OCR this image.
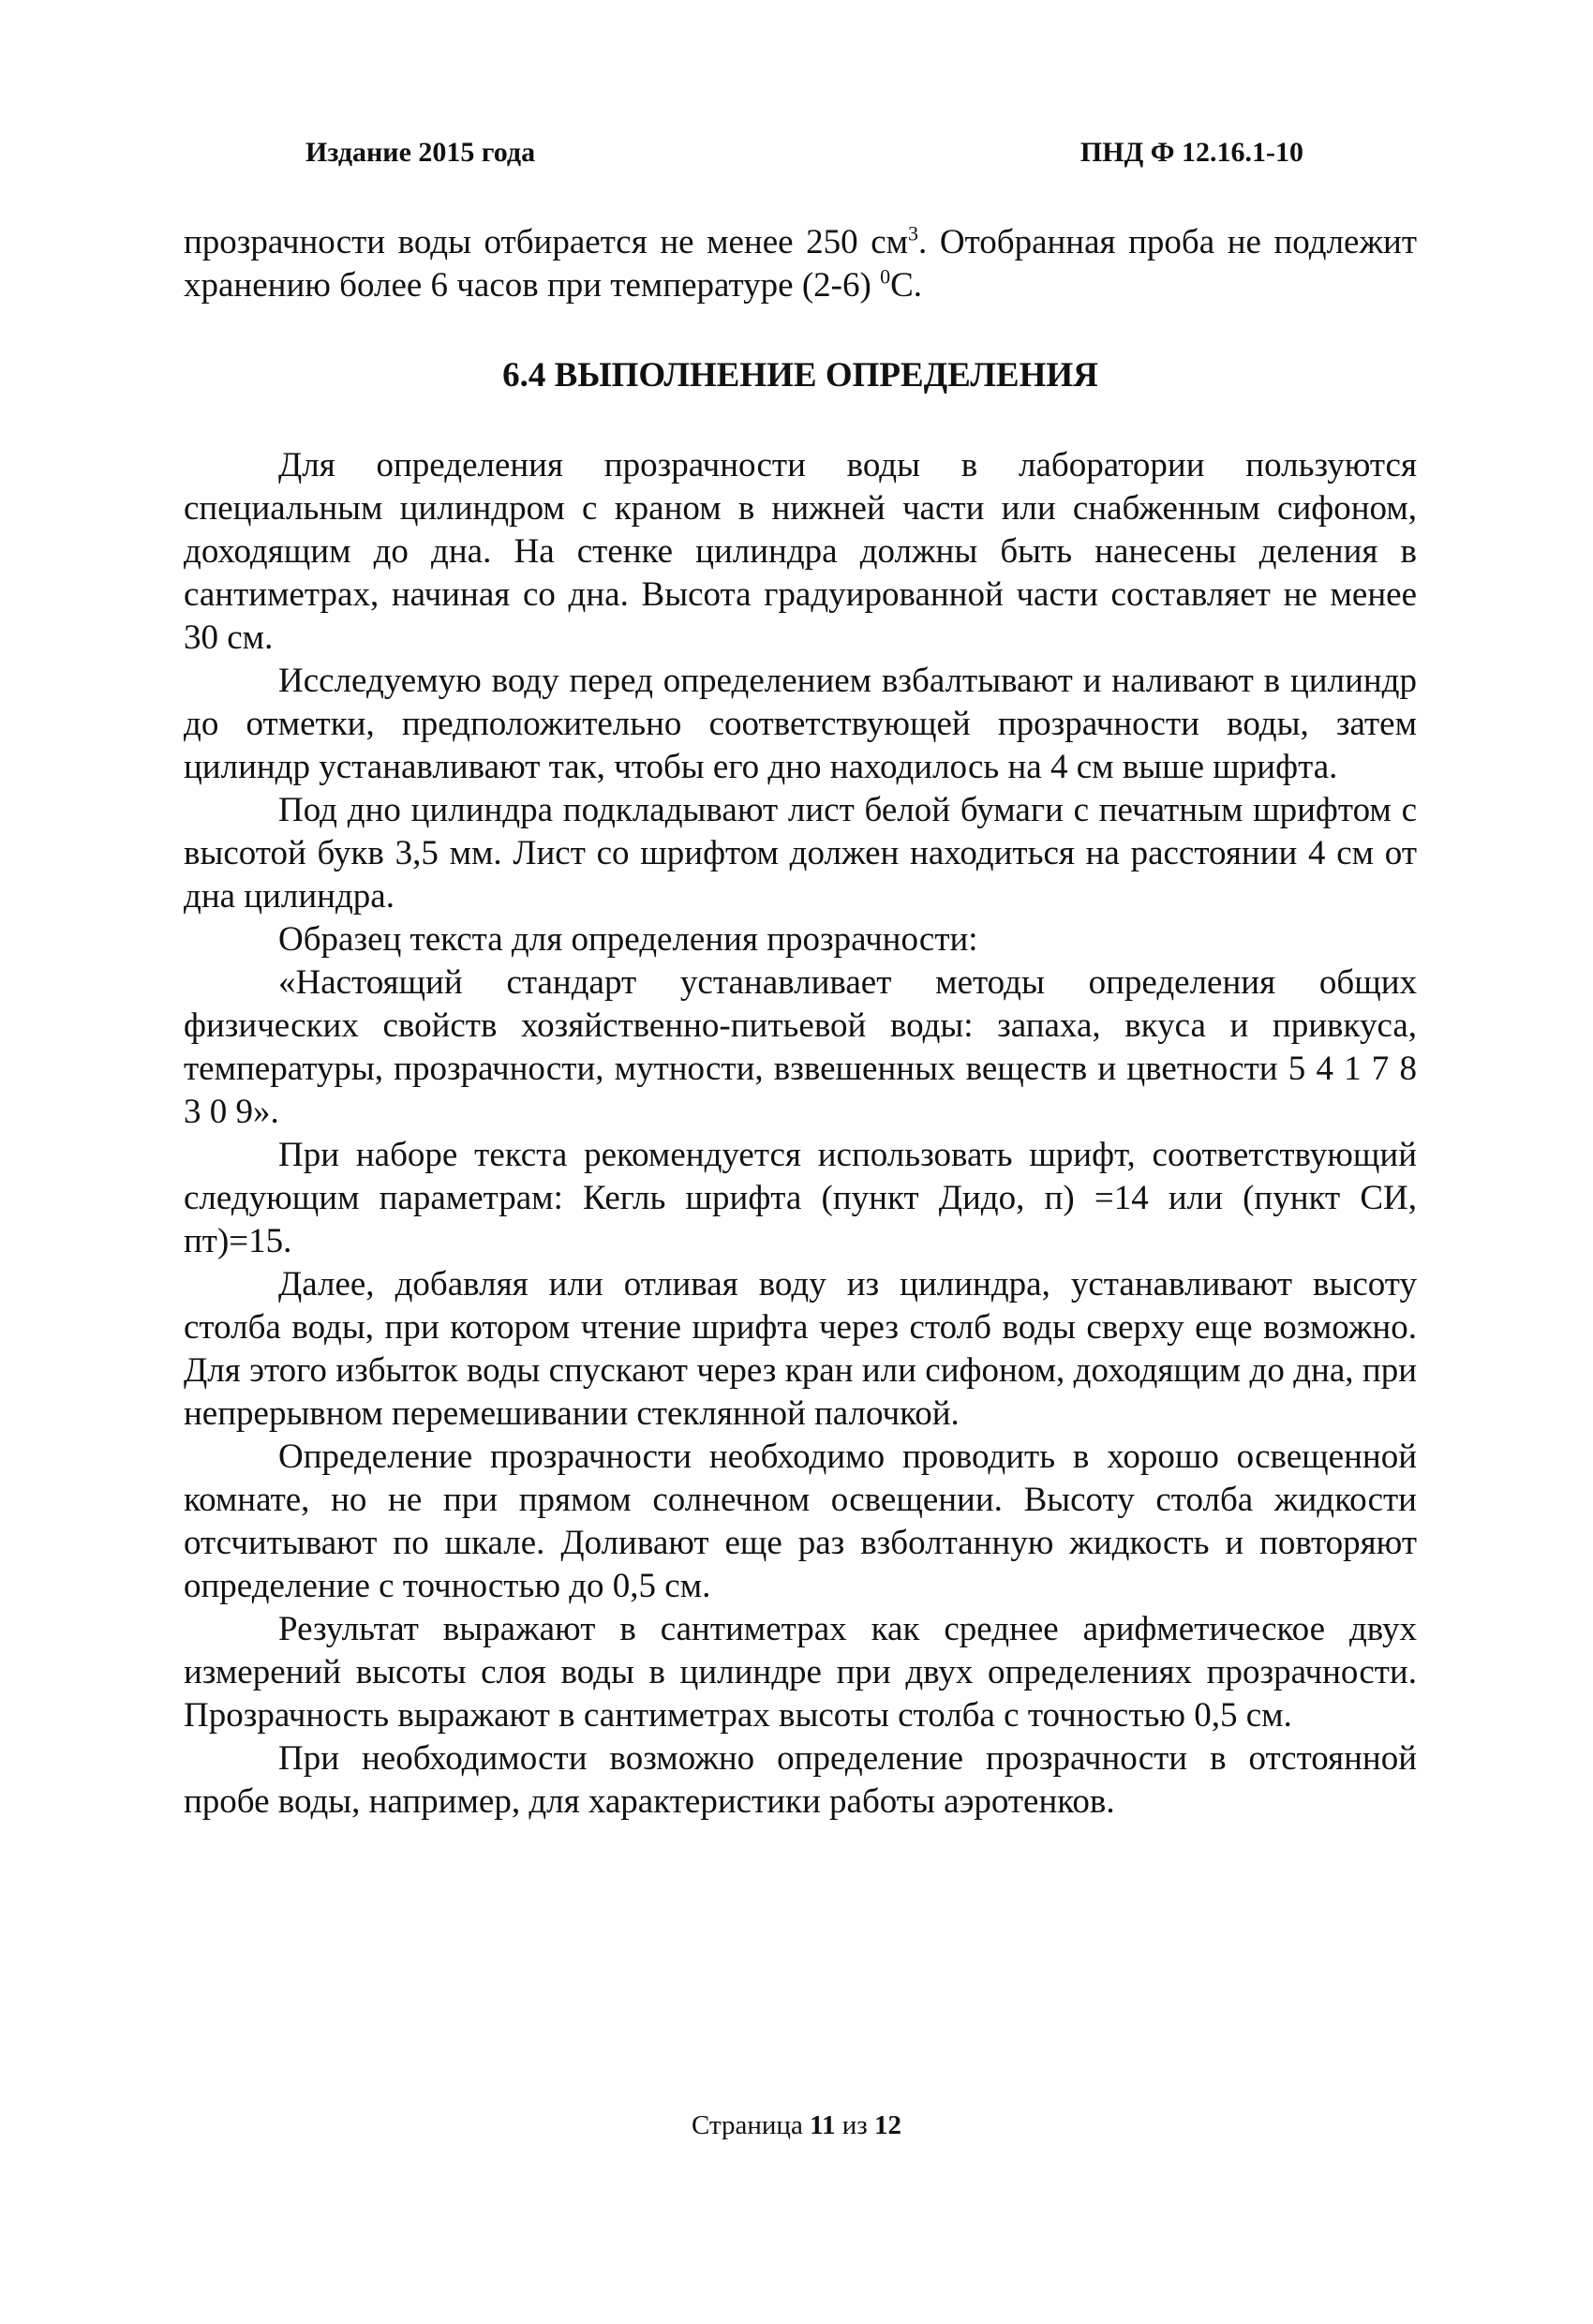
Издание 2015 года	ПНД Ф 12.16.1-10

прозрачности воды отбирается не менее 250 $см^3$. Отобранная проба не подлежит хранению более 6 часов при температуре (2-6) $^0$С.

6.4 ВЫПОЛНЕНИЕ ОПРЕДЕЛЕНИЯ

Для определения прозрачности воды в лаборатории пользуются специальным цилиндром с краном в нижней части или снабженным сифоном, доходящим до дна. На стенке цилиндра должны быть нанесены деления в сантиметрах, начиная со дна. Высота градуированной части составляет не менее 30 см.

Исследуемую воду перед определением взбалтывают и наливают в цилиндр до отметки, предположительно соответствующей прозрачности воды, затем цилиндр устанавливают так, чтобы его дно находилось на 4 см выше шрифта.

Под дно цилиндра подкладывают лист белой бумаги с печатным шрифтом с высотой букв 3,5 мм. Лист со шрифтом должен находиться на расстоянии 4 см от дна цилиндра.

Образец текста для определения прозрачности:

«Настоящий стандарт устанавливает методы определения общих физических свойств хозяйственно-питьевой воды: запаха, вкуса и привкуса, температуры, прозрачности, мутности, взвешенных веществ и цветности 5 4 1 7 8 3 0 9».

При наборе текста рекомендуется использовать шрифт, соответствующий следующим параметрам: Кегль шрифта (пункт Дидо, п) =14 или (пункт СИ, пт)=15.

Далее, добавляя или отливая воду из цилиндра, устанавливают высоту столба воды, при котором чтение шрифта через столб воды сверху еще возможно. Для этого избыток воды спускают через кран или сифоном, доходящим до дна, при непрерывном перемешивании стеклянной палочкой.

Определение прозрачности необходимо проводить в хорошо освещенной комнате, но не при прямом солнечном освещении. Высоту столба жидкости отсчитывают по шкале. Доливают еще раз взболтанную жидкость и повторяют определение с точностью до 0,5 см.

Результат выражают в сантиметрах как среднее арифметическое двух измерений высоты слоя воды в цилиндре при двух определениях прозрачности. Прозрачность выражают в сантиметрах высоты столба с точностью 0,5 см.

При необходимости возможно определение прозрачности в отстоянной пробе воды, например, для характеристики работы аэротенков.

Страница 11 из 12
